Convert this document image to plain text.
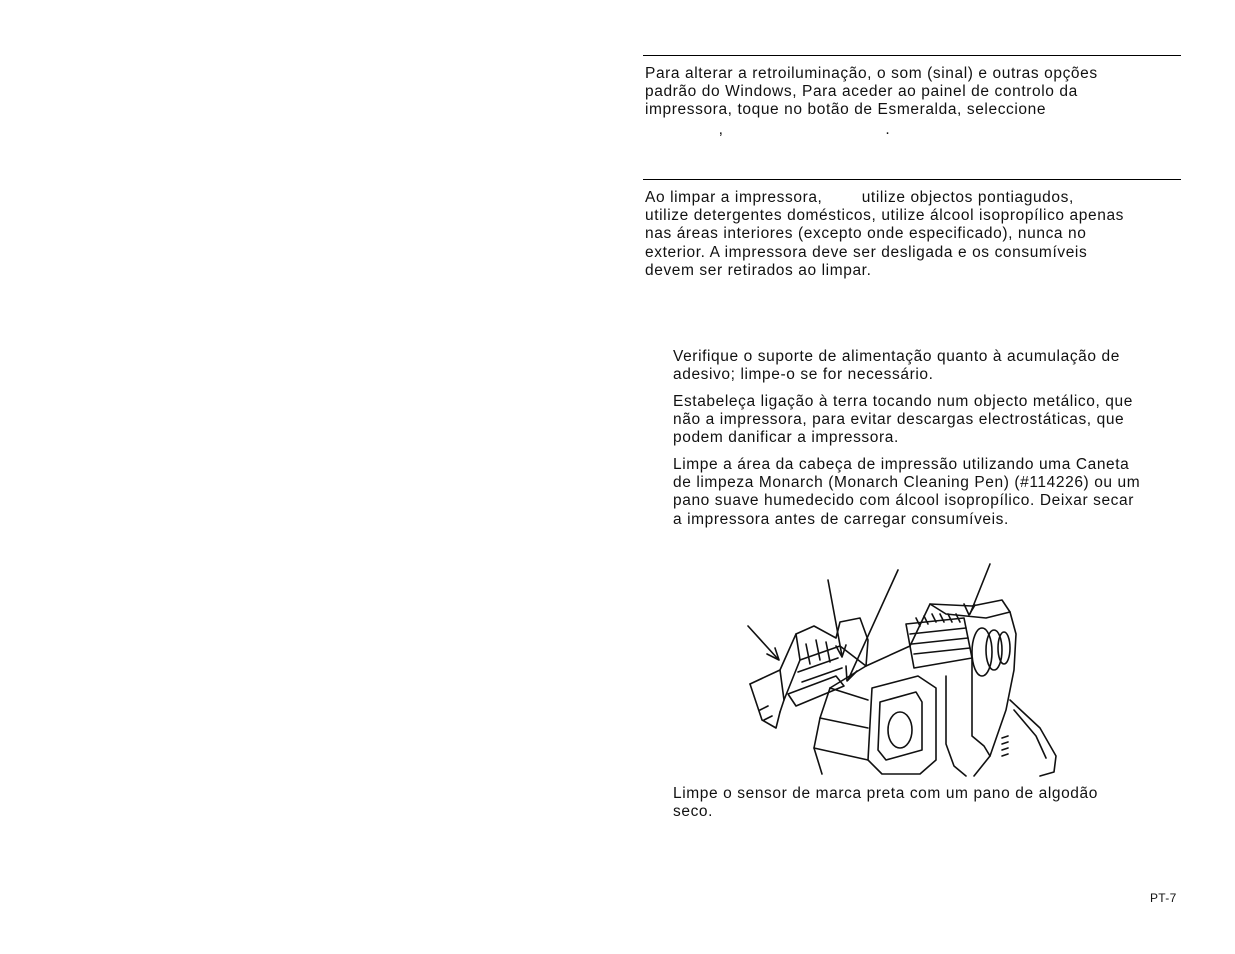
Para alterar a retroiluminação, o som (sinal) e outras opções
padrão do Windows, Para aceder ao painel de controlo da
impressora, toque no botão de Esmeralda, seleccione
,                                 .
Ao limpar a impressora,        utilize objectos pontiagudos,
utilize detergentes domésticos, utilize álcool isopropílico apenas
nas áreas interiores (excepto onde especificado), nunca no
exterior. A impressora deve ser desligada e os consumíveis
devem ser retirados ao limpar.
Verifique o suporte de alimentação quanto à acumulação de
adesivo; limpe-o se for necessário.
Estabeleça ligação à terra tocando num objecto metálico, que
não a impressora, para evitar descargas electrostáticas, que
podem danificar a impressora.
Limpe a área da cabeça de impressão utilizando uma Caneta
de limpeza Monarch (Monarch Cleaning Pen) (#114226) ou um
pano suave humedecido com álcool isopropílico. Deixar secar
a impressora antes de carregar consumíveis.
Limpe o sensor de marca preta com um pano de algodão
seco.
PT-7
